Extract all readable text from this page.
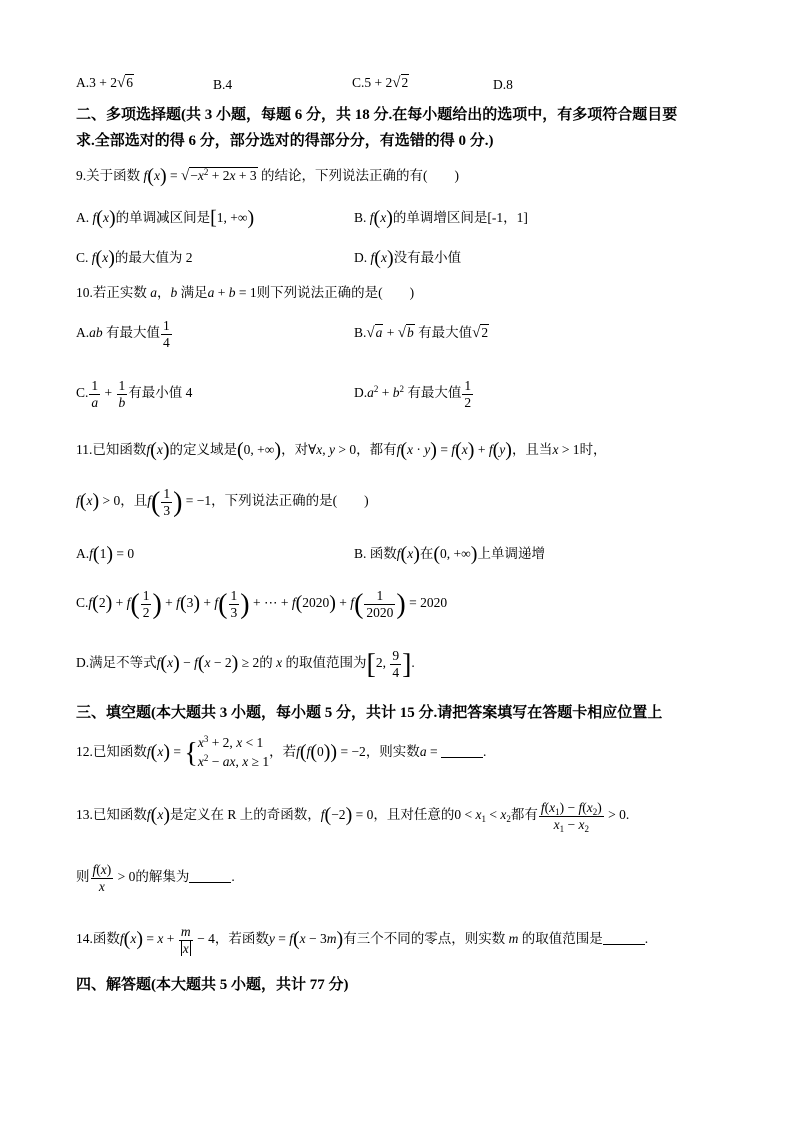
A.3 + 2√6	B.4	C.5 + 2√2	D.8
二、多项选择题(共 3 小题，每题 6 分，共 18 分.在每小题给出的选项中，有多项符合题目要
求.全部选对的得 6 分，部分选对的得部分分，有选错的得 0 分.)
9.关于函数 $f(x) = √-x^2 + 2x + 3$ 的结论，下列说法正确的有(　　)
A. f(x)的单调减区间是[1, +∞)	B. f(x)的单调增区间是[-1，1]
C. f(x)的最大值为 2	D. f(x)没有最小值
10.若正实数 a，b 满足a + b = 1则下列说法正确的是(　　)
A.ab 有最大值 $\frac{1}{4}$	B.√a + √b 有最大值√2
C. $\frac{1}{a} + \frac{1}{b}$ 有最小值 4	$D.a^2 + b^2$ 有最大值 $\frac{1}{2}$
11.已知函数f(x)的定义域是(0, +∞)，对∀x, y > 0，都有f(x · y) = f(x) + f(y)，且当x > 1时，
f(x) > 0，且$f( \frac{1}{3}$ ) = −1，下列说法正确的是(　　)
A.f(1) = 0	B. 函数f(x)在(0, +∞)上单调递增
$C.f(2) + f( \frac{1}{2}$ ) + $f(3) + f( \frac{1}{3}$ ) + ⋯ + $f(2020) + f( \frac{1}{2020}$ ) = 2020
D.满足不等式f(x) − f(x − 2) ≥ 2的 x 的取值范围为[2, $\frac{9}{4}$ ].
三、填空题(本大题共 3 小题，每小题 5 分，共计 15 分.请把答案填写在答题卡相应位置上
12.已知函数f(x) = { $x^3 + 2$, x < 1
$x^2$ − ax, x ≥ 1
，若f(f(0)) = −2，则实数a =	.
13.已知函数f(x)是定义在 R 上的奇函数，f(−2) = 0，且对任意的$0 < x_1 < x_2$都有 $\frac{f(x_1) - f(x_2)}{x_1 - x_2} > 0$.
则 $\frac{f(x)}{x} > 0$的解集为	.
14.函数$f(x) = x + \frac{m}{x} - 4$，若函数y = f(x − 3m)有三个不同的零点，则实数 m 的取值范围是	.
四、解答题(本大题共 5 小题，共计 77 分)
